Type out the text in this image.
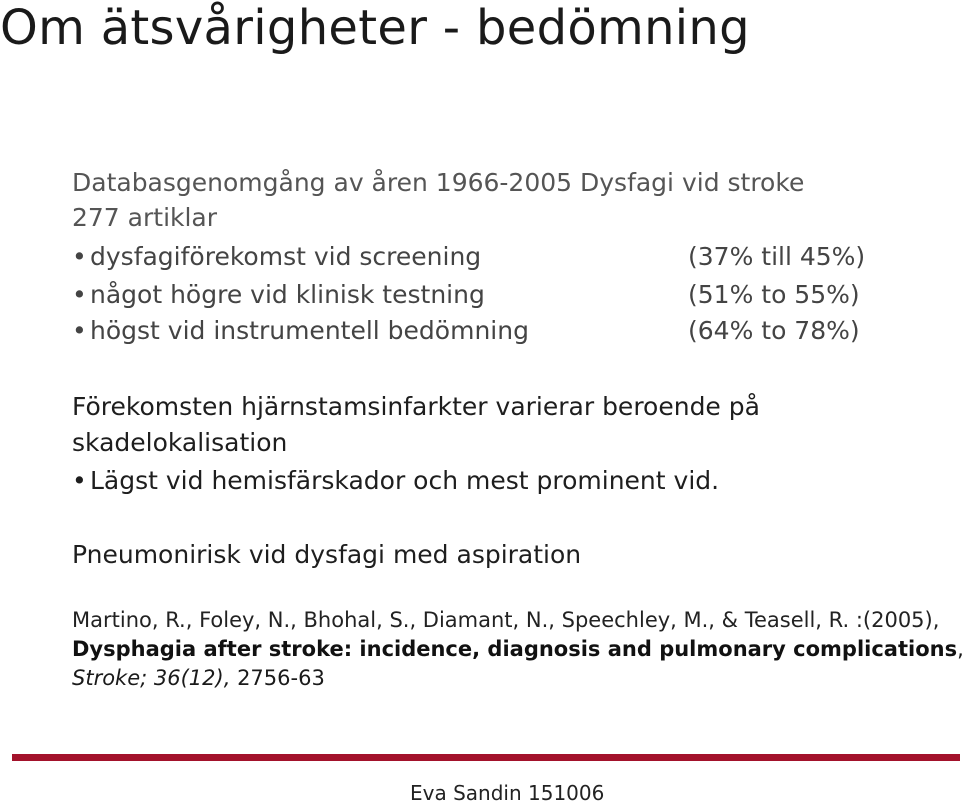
Om ätsvårigheter - bedömning
Databasgenomgång av åren 1966-2005 Dysfagi vid stroke
277 artiklar
• dysfagiförekomst vid screening	(37% till 45%)
• något högre vid klinisk testning	(51% to 55%)
• högst vid instrumentell bedömning	(64% to 78%)
Förekomsten hjärnstamsinfarkter varierar beroende på
skadelokalisation
• Lägst vid hemisfärskador och mest prominent vid.
Pneumonirisk vid dysfagi med aspiration
Martino, R., Foley, N., Bhohal, S., Diamant, N., Speechley, M., & Teasell, R. :(2005),
Dysphagia after stroke: incidence, diagnosis and pulmonary complications,
Stroke; 36(12), 2756-63
Eva Sandin 151006
